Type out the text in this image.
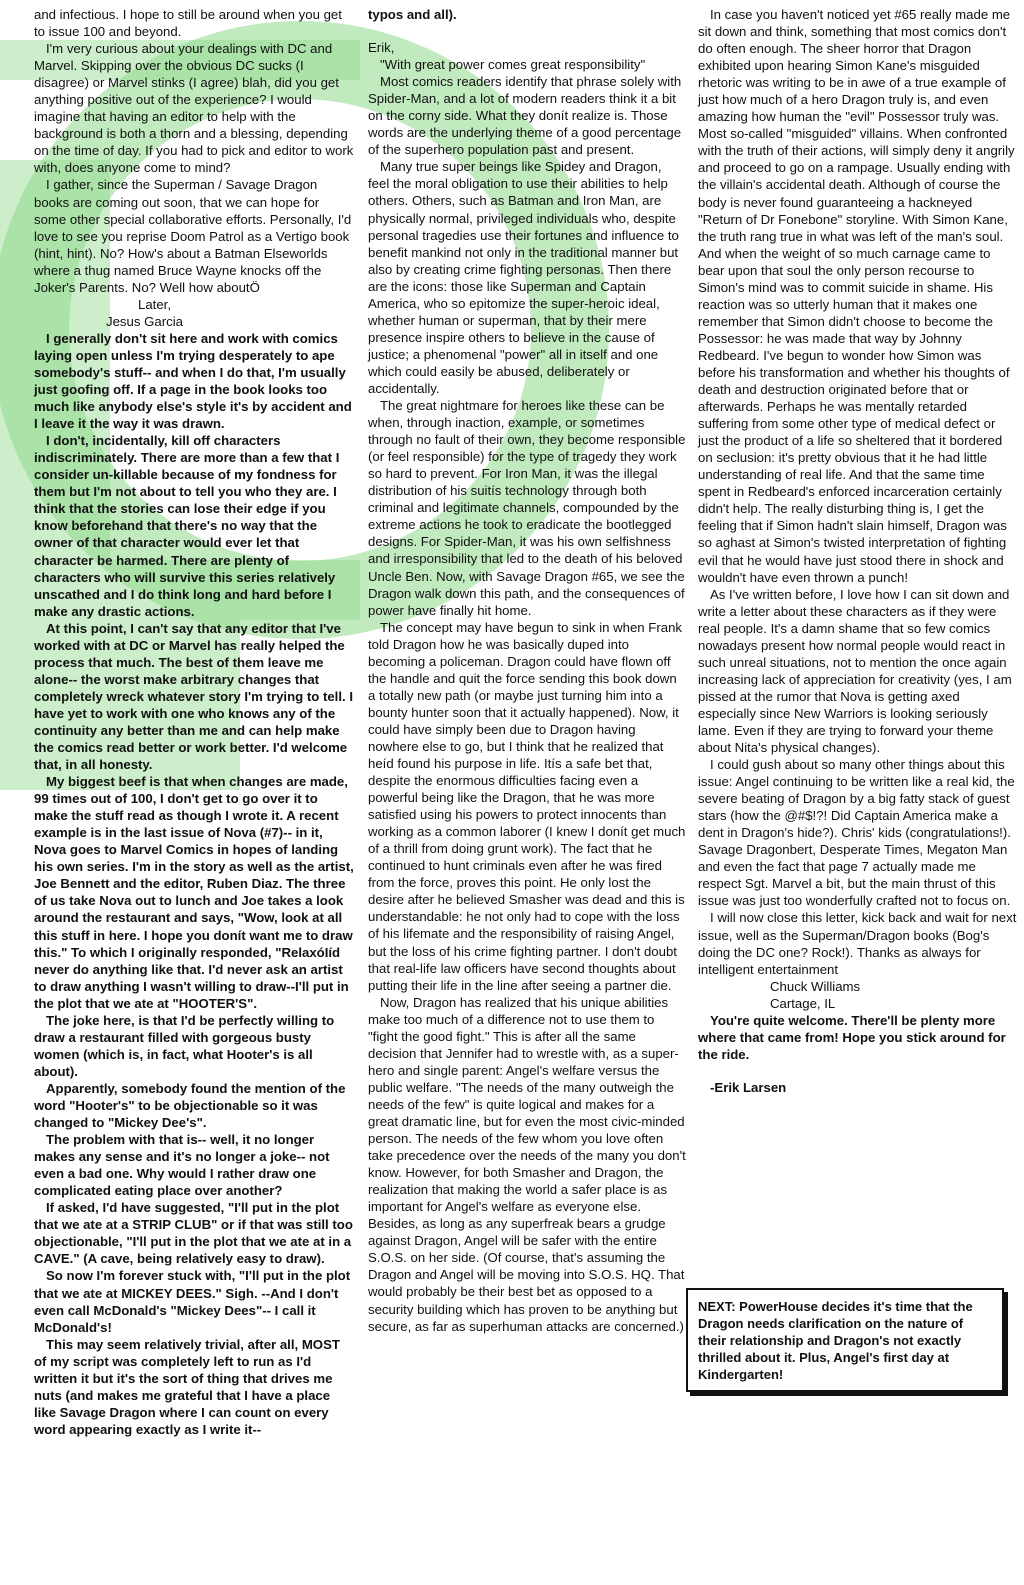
and infectious. I hope to still be around when you get to issue 100 and beyond.

I'm very curious about your dealings with DC and Marvel. Skipping over the obvious DC sucks (I disagree) or Marvel stinks (I agree) blah, did you get anything positive out of the experience? I would imagine that having an editor to help with the background is both a thorn and a blessing, depending on the time of day. If you had to pick and editor to work with, does anyone come to mind?

I gather, since the Superman / Savage Dragon books are coming out soon, that we can hope for some other special collaborative efforts. Personally, I'd love to see you reprise Doom Patrol as a Vertigo book (hint, hint). No? How's about a Batman Elseworlds where a thug named Bruce Wayne knocks off the Joker's Parents. No? Well how aboutÖ

Later,

Jesus Garcia

I generally don't sit here and work with comics laying open unless I'm trying desperately to ape somebody's stuff-- and when I do that, I'm usually just goofing off. If a page in the book looks too much like anybody else's style it's by accident and I leave it the way it was drawn.

I don't, incidentally, kill off characters indiscriminately. There are more than a few that I consider un-killable because of my fondness for them but I'm not about to tell you who they are. I think that the stories can lose their edge if you know beforehand that there's no way that the owner of that character would ever let that character be harmed. There are plenty of characters who will survive this series relatively unscathed and I do think long and hard before I make any drastic actions.

At this point, I can't say that any editor that I've worked with at DC or Marvel has really helped the process that much. The best of them leave me alone-- the worst make arbitrary changes that completely wreck whatever story I'm trying to tell. I have yet to work with one who knows any of the continuity any better than me and can help make the comics read better or work better. I'd welcome that, in all honesty.

My biggest beef is that when changes are made, 99 times out of 100, I don't get to go over it to make the stuff read as though I wrote it. A recent example is in the last issue of Nova (#7)-- in it, Nova goes to Marvel Comics in hopes of landing his own series. I'm in the story as well as the artist, Joe Bennett and the editor, Ruben Diaz. The three of us take Nova out to lunch and Joe takes a look around the restaurant and says, "Wow, look at all this stuff in here. I hope you donít want me to draw this." To which I originally responded, "RelaxóIíd never do anything like that. I'd never ask an artist to draw anything I wasn't willing to draw--I'll put in the plot that we ate at "HOOTER'S".

The joke here, is that I'd be perfectly willing to draw a restaurant filled with gorgeous busty women (which is, in fact, what Hooter's is all about).

Apparently, somebody found the mention of the word "Hooter's" to be objectionable so it was changed to "Mickey Dee's".

The problem with that is-- well, it no longer makes any sense and it's no longer a joke-- not even a bad one. Why would I rather draw one complicated eating place over another?

If asked, I'd have suggested, "I'll put in the plot that we ate at a STRIP CLUB" or if that was still too objectionable, "I'll put in the plot that we ate at in a CAVE." (A cave, being relatively easy to draw).

So now I'm forever stuck with, "I'll put in the plot that we ate at MICKEY DEES." Sigh. --And I don't even call McDonald's "Mickey Dees"-- I call it McDonald's!

This may seem relatively trivial, after all, MOST of my script was completely left to run as I'd written it but it's the sort of thing that drives me nuts (and makes me grateful that I have a place like Savage Dragon where I can count on every word appearing exactly as I write it--

typos and all).

Erik,

"With great power comes great responsibility"

Most comics readers identify that phrase solely with Spider-Man, and a lot of modern readers think it a bit on the corny side. What they donít realize is. Those words are the underlying theme of a good percentage of the superhero population past and present.

Many true super beings like Spidey and Dragon, feel the moral obligation to use their abilities to help others. Others, such as Batman and Iron Man, are physically normal, privileged individuals who, despite personal tragedies use their fortunes and influence to benefit mankind not only in the traditional manner but also by creating crime fighting personas. Then there are the icons: those like Superman and Captain America, who so epitomize the super-heroic ideal, whether human or superman, that by their mere presence inspire others to believe in the cause of justice; a phenomenal "power" all in itself and one which could easily be abused, deliberately or accidentally.

The great nightmare for heroes like these can be when, through inaction, example, or sometimes through no fault of their own, they become responsible (or feel responsible) for the type of tragedy they work so hard to prevent. For Iron Man, it was the illegal distribution of his suitís technology through both criminal and legitimate channels, compounded by the extreme actions he took to eradicate the bootlegged designs. For Spider-Man, it was his own selfishness and irresponsibility that led to the death of his beloved Uncle Ben. Now, with Savage Dragon #65, we see the Dragon walk down this path, and the consequences of power have finally hit home.

The concept may have begun to sink in when Frank told Dragon how he was basically duped into becoming a policeman. Dragon could have flown off the handle and quit the force sending this book down a totally new path (or maybe just turning him into a bounty hunter soon that it actually happened). Now, it could have simply been due to Dragon having nowhere else to go, but I think that he realized that heíd found his purpose in life. Itís a safe bet that, despite the enormous difficulties facing even a powerful being like the Dragon, that he was more satisfied using his powers to protect innocents than working as a common laborer (I knew I donít get much of a thrill from doing grunt work). The fact that he continued to hunt criminals even after he was fired from the force, proves this point. He only lost the desire after he believed Smasher was dead and this is understandable: he not only had to cope with the loss of his lifemate and the responsibility of raising Angel, but the loss of his crime fighting partner. I don't doubt that real-life law officers have second thoughts about putting their life in the line after seeing a partner die.

Now, Dragon has realized that his unique abilities make too much of a difference not to use them to "fight the good fight." This is after all the same decision that Jennifer had to wrestle with, as a super-hero and single parent: Angel's welfare versus the public welfare. "The needs of the many outweigh the needs of the few" is quite logical and makes for a great dramatic line, but for even the most civic-minded person. The needs of the few whom you love often take precedence over the needs of the many you don't know. However, for both Smasher and Dragon, the realization that making the world a safer place is as important for Angel's welfare as everyone else. Besides, as long as any superfreak bears a grudge against Dragon, Angel will be safer with the entire S.O.S. on her side. (Of course, that's assuming the Dragon and Angel will be moving into S.O.S. HQ. That would probably be their best bet as opposed to a security building which has proven to be anything but secure, as far as superhuman attacks are concerned.)

In case you haven't noticed yet #65 really made me sit down and think, something that most comics don't do often enough. The sheer horror that Dragon exhibited upon hearing Simon Kane's misguided rhetoric was writing to be in awe of a true example of just how much of a hero Dragon truly is, and even amazing how human the "evil" Possessor truly was. Most so-called "misguided" villains. When confronted with the truth of their actions, will simply deny it angrily and proceed to go on a rampage. Usually ending with the villain's accidental death. Although of course the body is never found guaranteeing a hackneyed "Return of Dr Fonebone" storyline. With Simon Kane, the truth rang true in what was left of the man's soul. And when the weight of so much carnage came to bear upon that soul the only person recourse to Simon's mind was to commit suicide in shame. His reaction was so utterly human that it makes one remember that Simon didn't choose to become the Possessor: he was made that way by Johnny Redbeard. I've begun to wonder how Simon was before his transformation and whether his thoughts of death and destruction originated before that or afterwards. Perhaps he was mentally retarded suffering from some other type of medical defect or just the product of a life so sheltered that it bordered on seclusion: it's pretty obvious that it he had little understanding of real life. And that the same time spent in Redbeard's enforced incarceration certainly didn't help. The really disturbing thing is, I get the feeling that if Simon hadn't slain himself, Dragon was so aghast at Simon's twisted interpretation of fighting evil that he would have just stood there in shock and wouldn't have even thrown a punch!

As I've written before, I love how I can sit down and write a letter about these characters as if they were real people. It's a damn shame that so few comics nowadays present how normal people would react in such unreal situations, not to mention the once again increasing lack of appreciation for creativity (yes, I am pissed at the rumor that Nova is getting axed especially since New Warriors is looking seriously lame. Even if they are trying to forward your theme about Nita's physical changes).

I could gush about so many other things about this issue: Angel continuing to be written like a real kid, the severe beating of Dragon by a big fatty stack of guest stars (how the @#$!?! Did Captain America make a dent in Dragon's hide?). Chris' kids (congratulations!). Savage Dragonbert, Desperate Times, Megaton Man and even the fact that page 7 actually made me respect Sgt. Marvel a bit, but the main thrust of this issue was just too wonderfully crafted not to focus on.

I will now close this letter, kick back and wait for next issue, well as the Superman/Dragon books (Bog's doing the DC one? Rock!). Thanks as always for intelligent entertainment

Chuck Williams

Cartage, IL

You're quite welcome. There'll be plenty more where that came from! Hope you stick around for the ride.

-Erik Larsen

NEXT: PowerHouse decides it's time that the Dragon needs clarification on the nature of their relationship and Dragon's not exactly thrilled about it. Plus, Angel's first day at Kindergarten!
